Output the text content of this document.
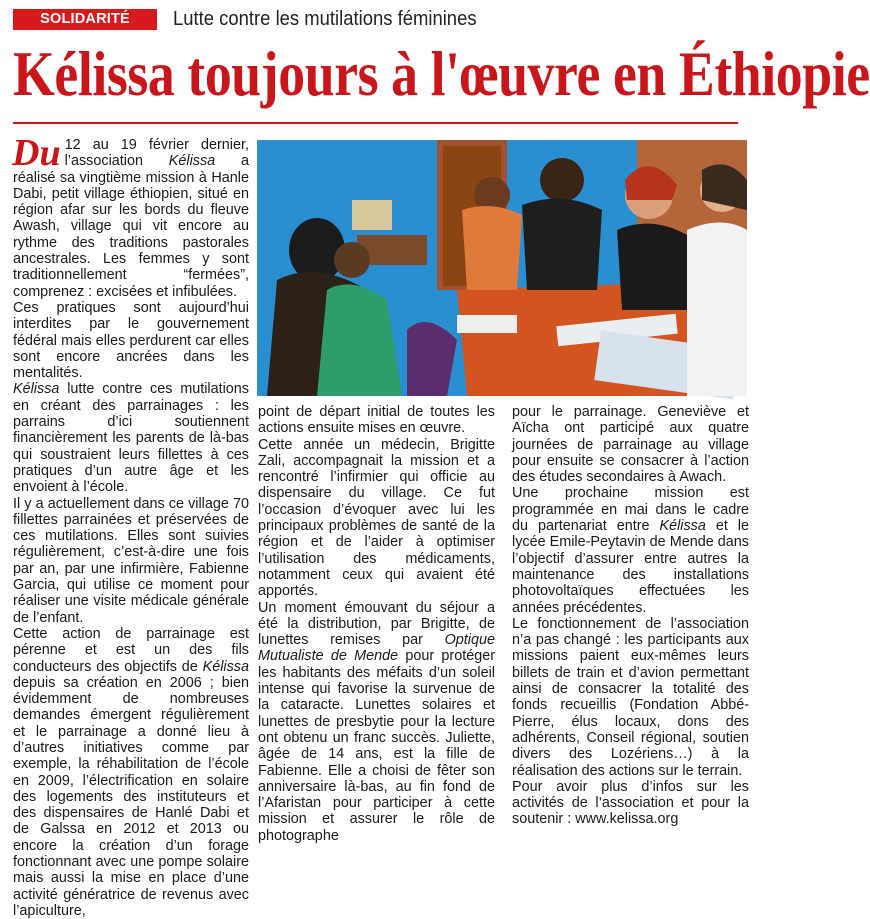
SOLIDARITÉ	Lutte contre les mutilations féminines
Kélissa toujours à l'œuvre en Éthiopie

Du 12 au 19 février dernier, l’association Kélissa a réalisé sa vingtième mission à Hanle Dabi, petit village éthiopien, situé en région afar sur les bords du fleuve Awash, village qui vit encore au rythme des traditions pastorales ancestrales. Les femmes y sont traditionnellement “fermées”, comprenez : excisées et infibulées.

Ces pratiques sont aujourd’hui interdites par le gouvernement fédéral mais elles perdurent car elles sont encore ancrées dans les mentalités.

Kélissa lutte contre ces mutilations en créant des parrainages : les parrains d’ici soutiennent financièrement les parents de là-bas qui soustraient leurs fillettes à ces pratiques d’un autre âge et les envoient à l’école.

Il y a actuellement dans ce village 70 fillettes parrainées et préservées de ces mutilations. Elles sont suivies régulièrement, c’est-à-dire une fois par an, par une infirmière, Fabienne Garcia, qui utilise ce moment pour réaliser une visite médicale générale de l’enfant.

Cette action de parrainage est pérenne et est un des fils conducteurs des objectifs de Kélissa depuis sa création en 2006 ; bien évidemment de nombreuses demandes émergent régulièrement et le parrainage a donné lieu à d’autres initiatives comme par exemple, la réhabilitation de l’école en 2009, l’électrification en solaire des logements des instituteurs et des dispensaires de Hanlé Dabi et de Galssa en 2012 et 2013 ou encore la création d’un forage fonctionnant avec une pompe solaire mais aussi la mise en place d’une activité génératrice de revenus avec l’apiculture,

point de départ initial de toutes les actions ensuite mises en œuvre.

Cette année un médecin, Brigitte Zali, accompagnait la mission et a rencontré l’infirmier qui officie au dispensaire du village. Ce fut l’occasion d’évoquer avec lui les principaux problèmes de santé de la région et de l’aider à optimiser l’utilisation des médicaments, notamment ceux qui avaient été apportés.

Un moment émouvant du séjour a été la distribution, par Brigitte, de lunettes remises par Optique Mutualiste de Mende pour protéger les habitants des méfaits d’un soleil intense qui favorise la survenue de la cataracte. Lunettes solaires et lunettes de presbytie pour la lecture ont obtenu un franc succès. Juliette, âgée de 14 ans, est la fille de Fabienne. Elle a choisi de fêter son anniversaire là-bas, au fin fond de l’Afaristan pour participer à cette mission et assurer le rôle de photographe

pour le parrainage. Geneviève et Aïcha ont participé aux quatre journées de parrainage au village pour ensuite se consacrer à l’action des études secondaires à Awach.

Une prochaine mission est programmée en mai dans le cadre du partenariat entre Kélissa et le lycée Emile-Peytavin de Mende dans l’objectif d’assurer entre autres la maintenance des installations photovoltaïques effectuées les années précédentes.

Le fonctionnement de l’association n’a pas changé : les participants aux missions paient eux-mêmes leurs billets de train et d’avion permettant ainsi de consacrer la totalité des fonds recueillis (Fondation Abbé-Pierre, élus locaux, dons des adhérents, Conseil régional, soutien divers des Lozériens…) à la réalisation des actions sur le terrain.

Pour avoir plus d’infos sur les activités de l’association et pour la soutenir : www.kelissa.org
